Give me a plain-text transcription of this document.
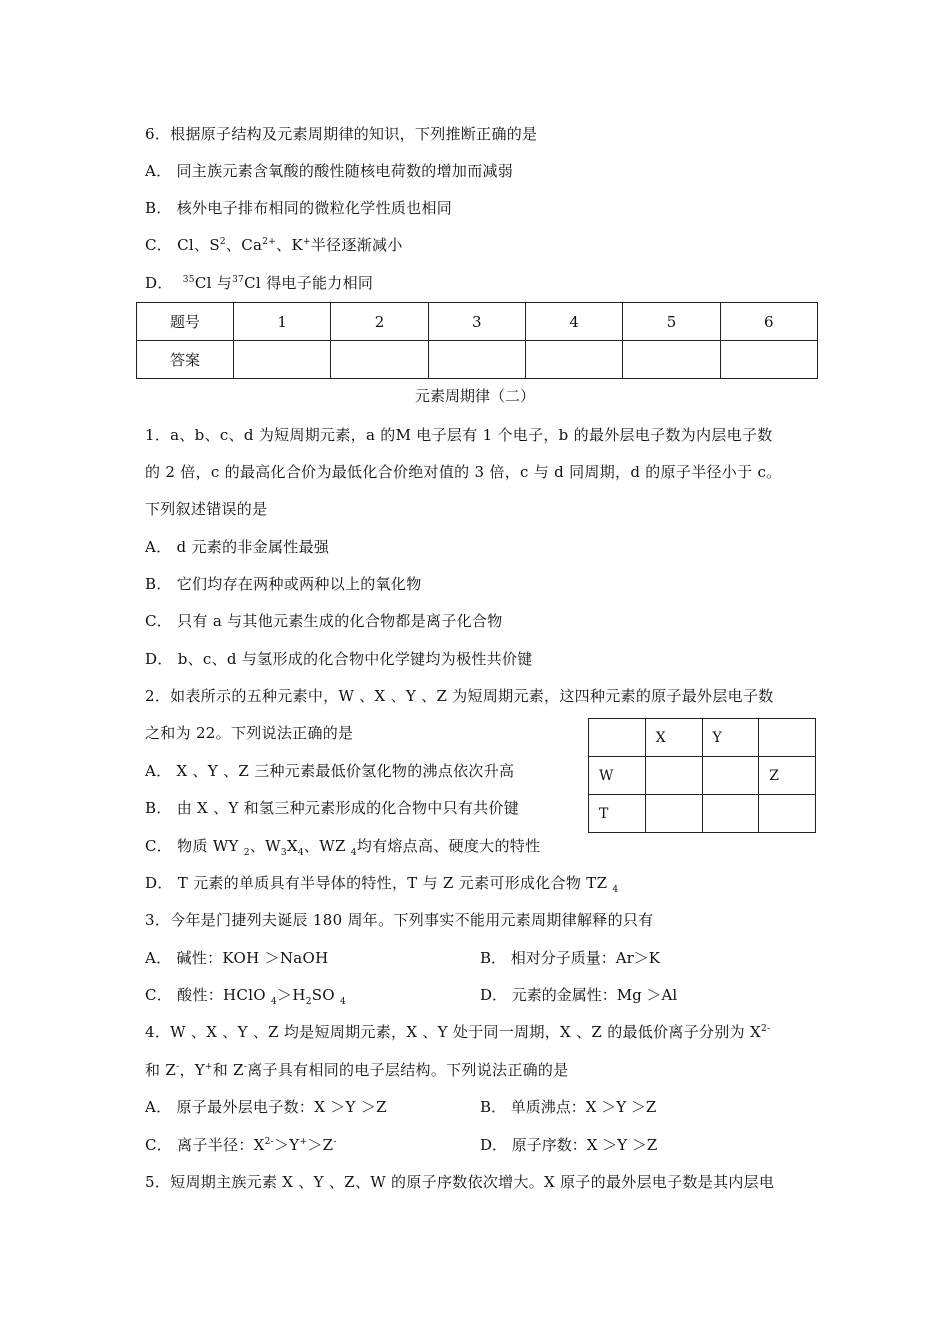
6．根据原子结构及元素周期律的知识，下列推断正确的是
A． 同主族元素含氧酸的酸性随核电荷数的增加而减弱
B． 核外电子排布相同的微粒化学性质也相同
C． Cl、$S^2$、$Ca^{2+}$、K+半径逐渐减小
D． $^{35}$Cl 与$^{37}$Cl 得电子能力相同
题号	1	2	3	4	5	6
答案						
元素周期律（二）
1．a、b、c、d 为短周期元素，a 的M 电子层有 1 个电子，b 的最外层电子数为内层电子数
的 2 倍，c 的最高化合价为最低化合价绝对值的 3 倍，c 与 d 同周期，d 的原子半径小于 c。
下列叙述错误的是
A． d 元素的非金属性最强
B． 它们均存在两种或两种以上的氧化物
C． 只有 a 与其他元素生成的化合物都是离子化合物
D． b、c、d 与氢形成的化合物中化学键均为极性共价键
2．如表所示的五种元素中，W 、X 、Y 、Z 为短周期元素，这四种元素的原子最外层电子数
之和为 22。下列说法正确的是
A． X 、Y 、Z 三种元素最低价氢化物的沸点依次升高
B． 由 X 、Y 和氢三种元素形成的化合物中只有共价键
C． 物质 WY $_2$、$W_3X_4$、WZ $_4$均有熔点高、硬度大的特性
D． T 元素的单质具有半导体的特性，T 与 Z 元素可形成化合物 TZ $_4$
	X	Y	
W			Z
T			
3．今年是门捷列夫诞辰 180 周年。下列事实不能用元素周期律解释的只有
A． 碱性：KOH ＞NaOH	B． 相对分子质量：Ar＞K
C． 酸性：HClO $_4>H_2SO$ $_4$	D． 元素的金属性：Mg ＞Al
4．W 、X 、Y 、Z 均是短周期元素，X 、Y 处于同一周期，X 、Z 的最低价离子分别为 $X^{2-}$
和 Z-，Y+和 Z-离子具有相同的电子层结构。下列说法正确的是
A． 原子最外层电子数：X ＞Y ＞Z	B． 单质沸点：X ＞Y ＞Z
C． 离子半径：$X^{2-}>Y^+>Z^-$	D． 原子序数：X ＞Y ＞Z
5．短周期主族元素 X 、Y 、Z、W 的原子序数依次增大。X 原子的最外层电子数是其内层电
